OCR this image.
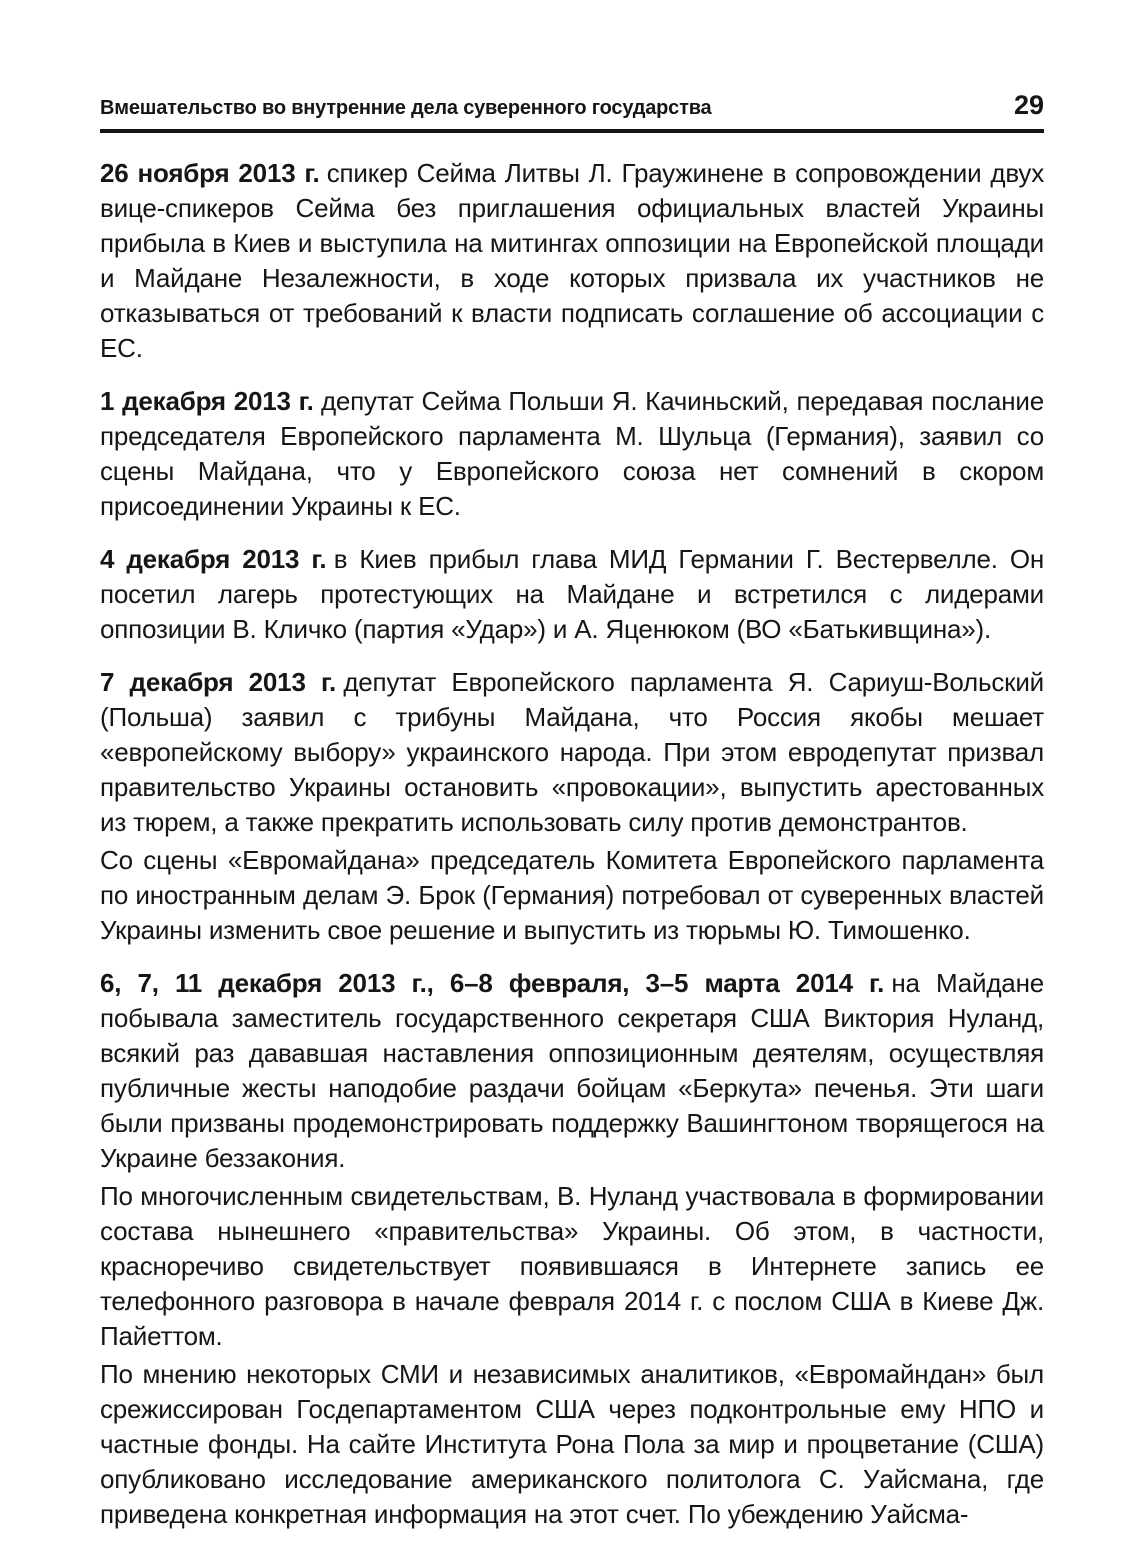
Вмешательство во внутренние дела суверенного государства	29

26 ноября 2013 г. спикер Сейма Литвы Л. Граужинене в сопровождении двух вице-спикеров Сейма без приглашения официальных властей Украины прибыла в Киев и выступила на митингах оппозиции на Европейской площади и Майдане Незалежности, в ходе которых призвала их участников не отказываться от требований к власти подписать соглашение об ассоциации с ЕС.

1 декабря 2013 г. депутат Сейма Польши Я. Качиньский, передавая послание председателя Европейского парламента М. Шульца (Германия), заявил со сцены Майдана, что у Европейского союза нет сомнений в скором присоединении Украины к ЕС.

4 декабря 2013 г. в Киев прибыл глава МИД Германии Г. Вестервелле. Он посетил лагерь протестующих на Майдане и встретился с лидерами оппозиции В. Кличко (партия «Удар») и А. Яценюком (ВО «Батькивщина»).

7 декабря 2013 г. депутат Европейского парламента Я. Сариуш-Вольский (Польша) заявил с трибуны Майдана, что Россия якобы мешает «европейскому выбору» украинского народа. При этом евродепутат призвал правительство Украины остановить «провокации», выпустить арестованных из тюрем, а также прекратить использовать силу против демонстрантов.

Со сцены «Евромайдана» председатель Комитета Европейского парламента по иностранным делам Э. Брок (Германия) потребовал от суверенных властей Украины изменить свое решение и выпустить из тюрьмы Ю. Тимошенко.

6, 7, 11 декабря 2013 г., 6–8 февраля, 3–5 марта 2014 г. на Майдане побывала заместитель государственного секретаря США Виктория Нуланд, всякий раз дававшая наставления оппозиционным деятелям, осуществляя публичные жесты наподобие раздачи бойцам «Беркута» печенья. Эти шаги были призваны продемонстрировать поддержку Вашингтоном творящегося на Украине беззакония.

По многочисленным свидетельствам, В. Нуланд участвовала в формировании состава нынешнего «правительства» Украины. Об этом, в частности, красноречиво свидетельствует появившаяся в Интернете запись ее телефонного разговора в начале февраля 2014 г. с послом США в Киеве Дж. Пайеттом.

По мнению некоторых СМИ и независимых аналитиков, «Евромайндан» был срежиссирован Госдепартаментом США через подконтрольные ему НПО и частные фонды. На сайте Института Рона Пола за мир и процветание (США) опубликовано исследование американского политолога С. Уайсмана, где приведена конкретная информация на этот счет. По убеждению Уайсма-
